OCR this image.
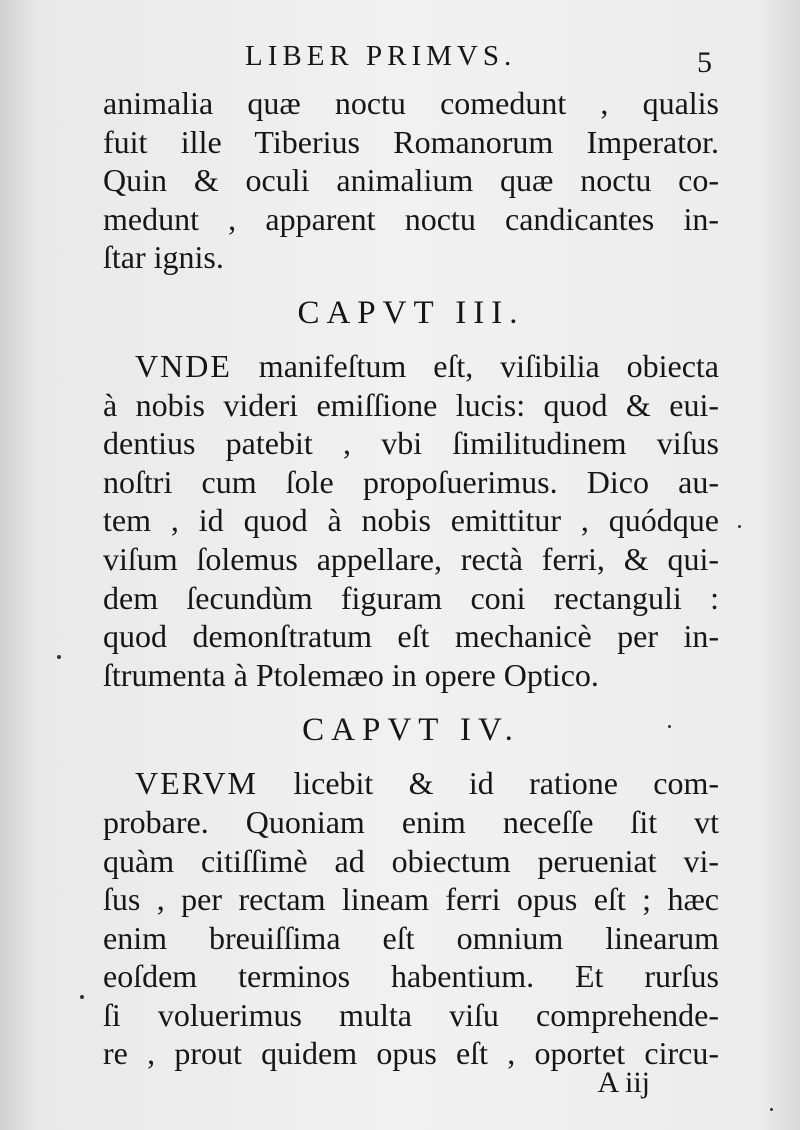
LIBER PRIMVS.	5
animalia quæ noctu comedunt , qualis
fuit ille Tiberius Romanorum Imperator.
Quin & oculi animalium quæ noctu co-
medunt , apparent noctu candicantes in-
ſtar ignis.
CAPVT III.
 VNDE manifeſtum eſt, viſibilia obiecta
à nobis videri emiſſione lucis: quod & eui-
dentius patebit , vbi ſimilitudinem viſus
noſtri cum ſole propoſuerimus. Dico au-
tem , id quod à nobis emittitur , quódque
viſum ſolemus appellare, rectà ferri, & qui-
dem ſecundùm figuram coni rectanguli :
quod demonſtratum eſt mechanicè per in-
ſtrumenta à Ptolemæo in opere Optico.
CAPVT IV.
 VERVM licebit & id ratione com-
probare. Quoniam enim neceſſe ſit vt
quàm citiſſimè ad obiectum perueniat vi-
ſus , per rectam lineam ferri opus eſt ; hæc
enim breuiſſima eſt omnium linearum
eoſdem terminos habentium. Et rurſus
ſi voluerimus multa viſu comprehende-
re , prout quidem opus eſt , oportet circu-
A iij
